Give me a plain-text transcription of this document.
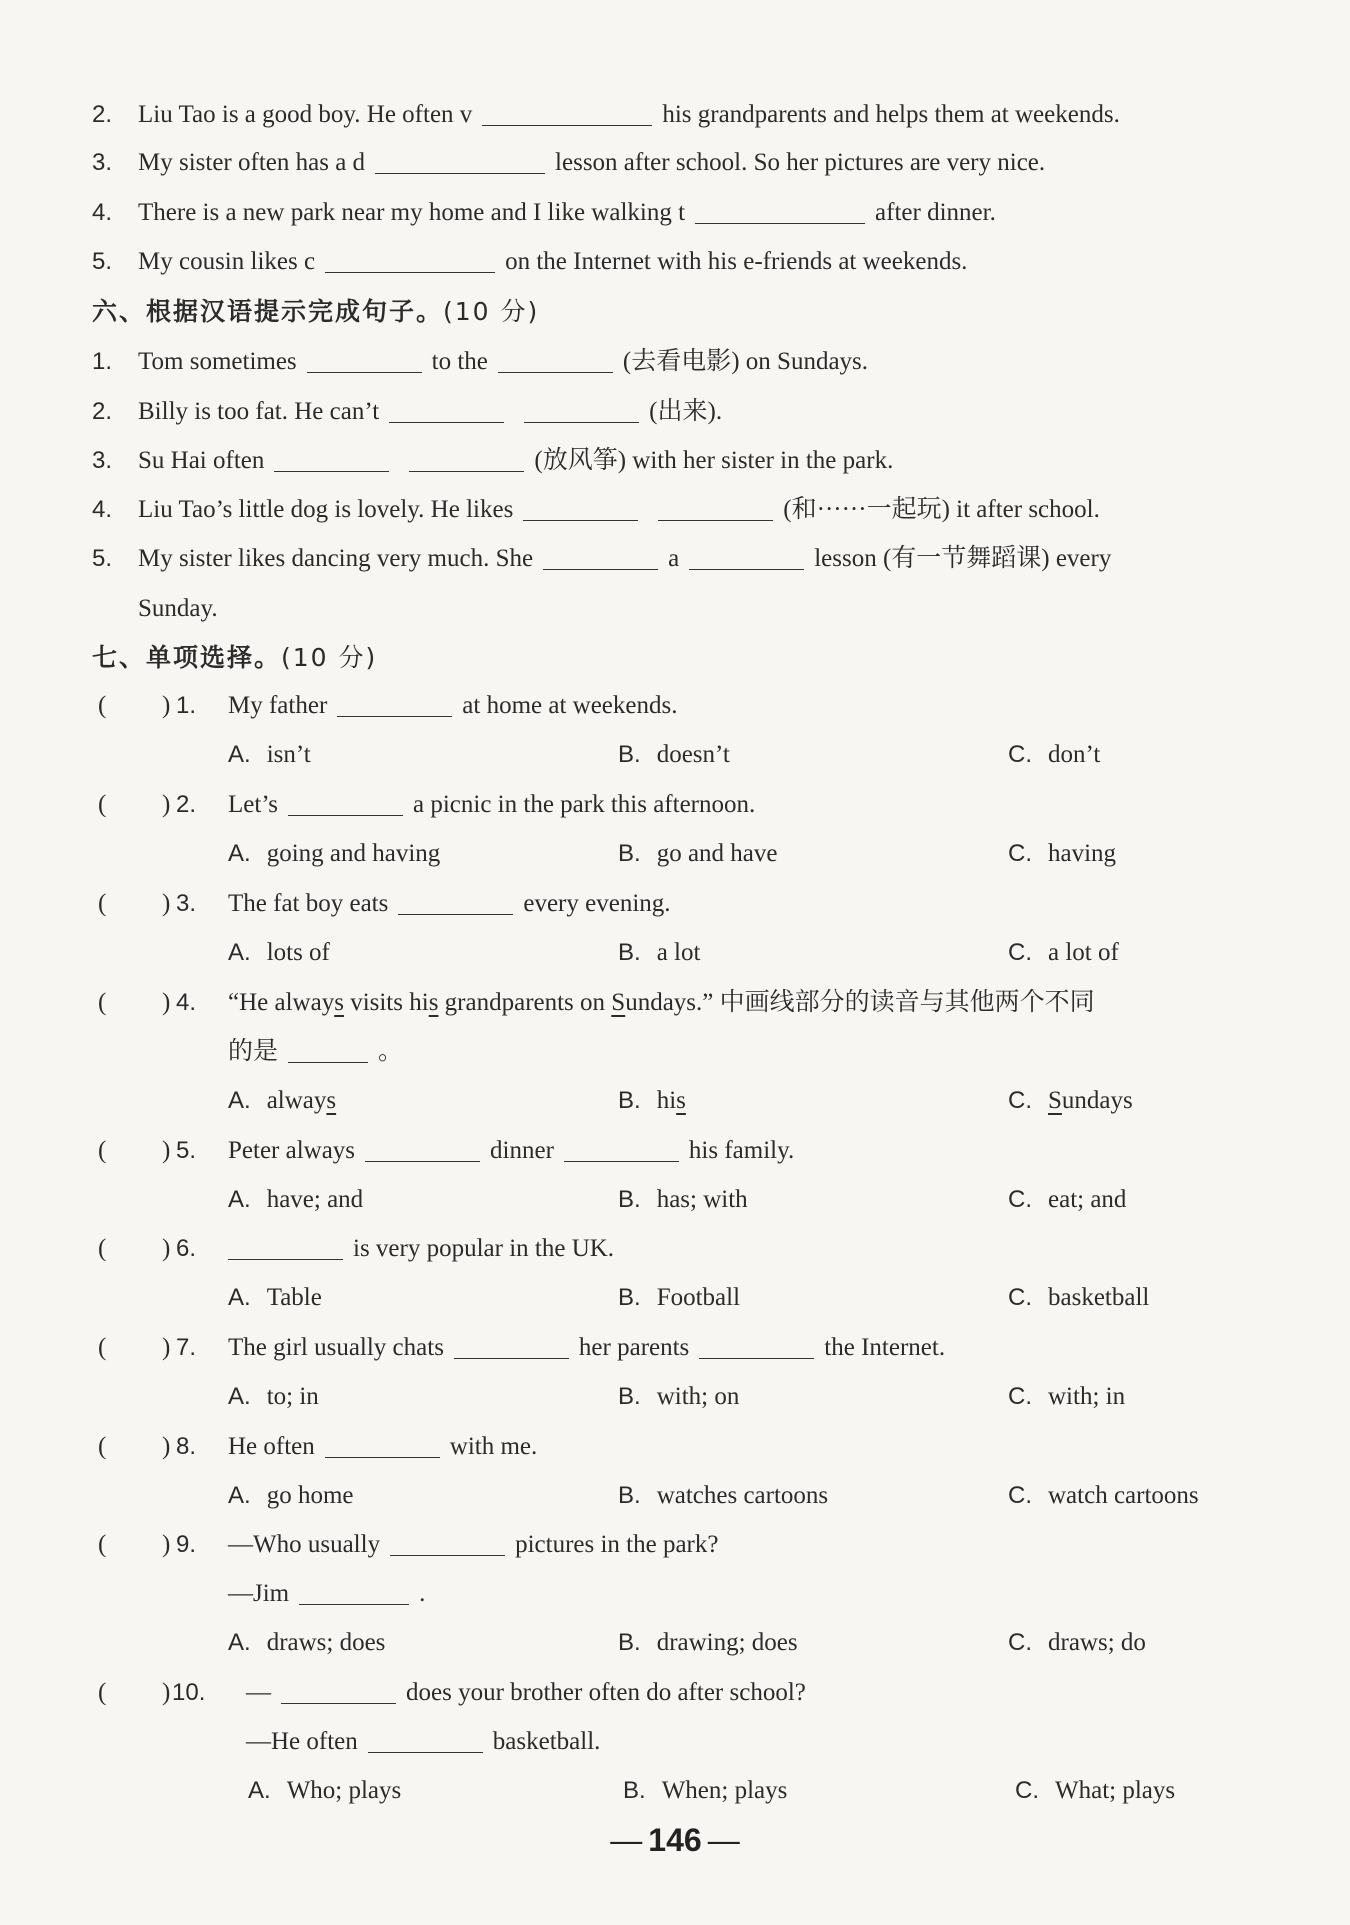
2. Liu Tao is a good boy. He often v	his grandparents and helps them at weekends.
3. My sister often has a d	lesson after school. So her pictures are very nice.
4. There is a new park near my home and I like walking t	after dinner.
5. My cousin likes c	on the Internet with his e-friends at weekends.
六、根据汉语提示完成句子。(10 分)
1. Tom sometimes	to the	(去看电影) on Sundays.
2. Billy is too fat. He can’t	(出来).
3. Su Hai often	(放风筝) with her sister in the park.
4. Liu Tao’s little dog is lovely. He likes	(和······一起玩) it after school.
5. My sister likes dancing very much. She	a	lesson (有一节舞蹈课) every
Sunday.
七、单项选择。(10 分)
( ) 1. My father	at home at weekends.
A. isn’t	B. doesn’t	C. don’t
( ) 2. Let’s	a picnic in the park this afternoon.
A. going and having	B. go and have	C. having
( ) 3. The fat boy eats	every evening.
A. lots of	B. a lot	C. a lot of
( ) 4. “He always visits his grandparents on Sundays.” 中画线部分的读音与其他两个不同
的是	。
A. always	B. his	C. Sundays
( ) 5. Peter always	dinner	his family.
A. have; and	B. has; with	C. eat; and
( ) 6.	is very popular in the UK.
A. Table	B. Football	C. basketball
( ) 7. The girl usually chats	her parents	the Internet.
A. to; in	B. with; on	C. with; in
( ) 8. He often	with me.
A. go home	B. watches cartoons	C. watch cartoons
( ) 9. —Who usually	pictures in the park?
—Jim	.
A. draws; does	B. drawing; does	C. draws; do
( ) 10. —	does your brother often do after school?
—He often	basketball.
A. Who; plays	B. When; plays	C. What; plays
— 146 —
